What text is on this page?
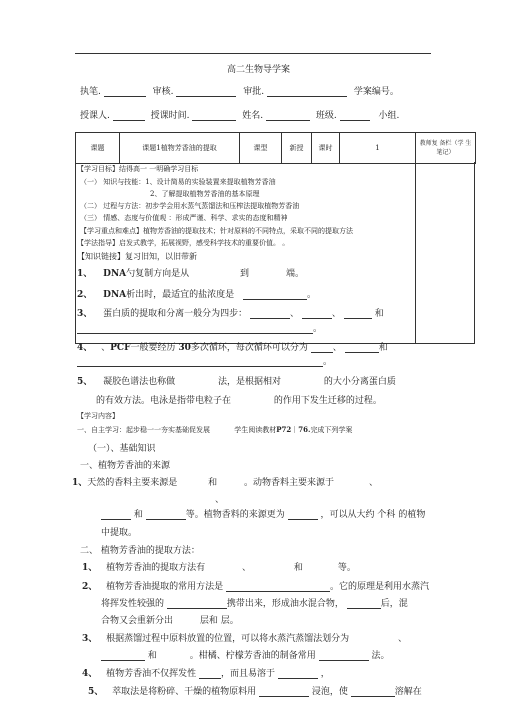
高二生物导学案
执笔.	审核.	审批.	学案编号。
授课人.	授课时间.	姓名.	班级.	小组.
课题	课题1植物芳香油的提取	课型	新授	课时	1	教师复 备栏（学 生笔记）
【学习目标】结得高一 一明确学习目标
（一） 知识与技能：1、设计简易的实验装置来提取植物芳香油
2、了解提取植物芳香油的基本原理
（二） 过程与方法：初步学会用水蒸气蒸馏法和压榨法提取植物芳香油
（三） 情感、态度与价值观 ：形成严谨、科学、求实的态度和精神
【学习重点和难点】植物芳香油的提取技术；针对原料的不同特点，采取不同的提取方法
【学法指导】启发式教学，拓展视野，感受科学技术的重要价值。 。
【知识链接】复习旧知，以旧带新
1、 DNA勺复制方向是从	到	端。
2、 DNA析出时，最适宜的盐浓度是	。
3、 蛋白质的提取和分离一般分为四步：	、	、	和
。
4、 、PCF一般要经历 30多次循环，每次循环可以分为	、	和
。
5、 凝胶色谱法也称做	法，是根据相对	的大小分离蛋白质
的有效方法。电泳是指带电粒子在	的作用下发生迁移的过程。
【学习内容】
一、自主学习：起步稳一一夯实基础促发展	学生阅读教材P72｜76.完成下列学案
（一）、基础知识
一、植物芳香油的来源
1、天然的香料主要来源是	和	。动物香料主要来源于	、
、
和	等。植物香料的来源更为	，可以从大约 个科 的植物
中提取。
二、 植物芳香油的提取方法：
1、 植物芳香油的提取方法有	、	和	等。
2、 植物芳香油提取的常用方法是	。它的原理是利用水蒸汽
将挥发性较强的	携带出来，形成油水混合物，	后，混
合物又会重新分出	层和 层。
3、 根据蒸馏过程中原料放置的位置，可以将水蒸汽蒸馏法划分为	、
和	。柑橘、柠檬芳香油的制备常用	法。
4、 植物芳香油不仅挥发性	，而且易溶于	，
5、 萃取法是将粉碎、干燥的植物原料用	浸泡，使	溶解在
